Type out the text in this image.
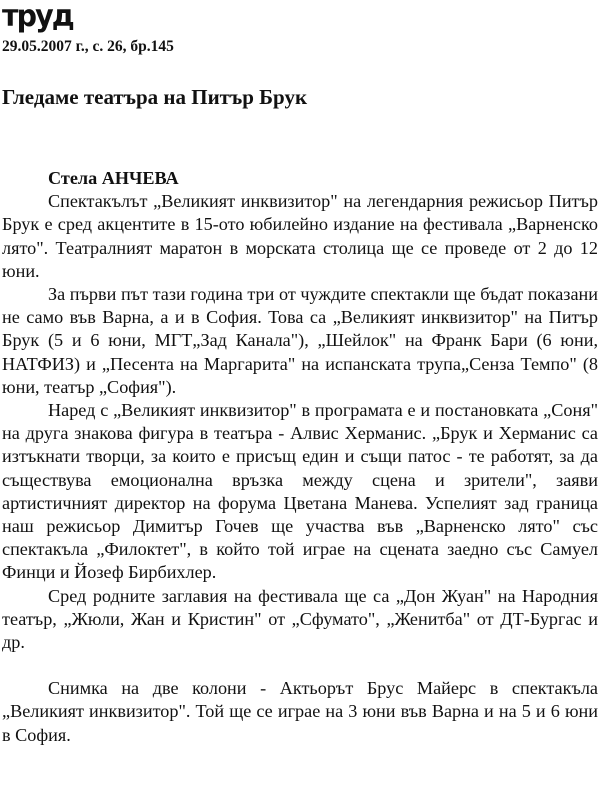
труд
29.05.2007 г., с. 26, бр.145
Гледаме театъра на Питър Брук

Стела АНЧЕВА

Спектакълът „Великият инквизитор" на легендарния режисьор Питър Брук е сред акцентите в 15-ото юбилейно издание на фестивала „Варненско лято". Театралният маратон в морската столица ще се проведе от 2 до 12 юни.

За първи път тази година три от чуждите спектакли ще бъдат показани не само във Варна, а и в София. Това са „Великият инквизитор" на Питър Брук (5 и 6 юни, МГТ„Зад Канала"), „Шейлок" на Франк Бари (6 юни, НАТФИЗ) и „Песента на Маргарита" на испанската трупа„Сенза Темпо" (8 юни, театър „София").

Наред с „Великият инквизитор" в програмата е и постановката „Соня" на друга знакова фигура в театъра - Алвис Херманис. „Брук и Херманис са изтъкнати творци, за които е присъщ един и същи патос - те работят, за да съществува емоционална връзка между сцена и зрители", заяви артистичният директор на форума Цветана Манева. Успелият зад граница наш режисьор Димитър Гочев ще участва във „Варненско лято" със спектакъла „Филоктет", в който той играе на сцената заедно със Самуел Финци и Йозеф Бирбихлер.

Сред родните заглавия на фестивала ще са „Дон Жуан" на Народния театър, „Жюли, Жан и Кристин" от „Сфумато", „Женитба" от ДТ-Бургас и др.

Снимка на две колони - Актьорът Брус Майерс в спектакъла „Великият инквизитор". Той ще се играе на 3 юни във Варна и на 5 и 6 юни в София.
